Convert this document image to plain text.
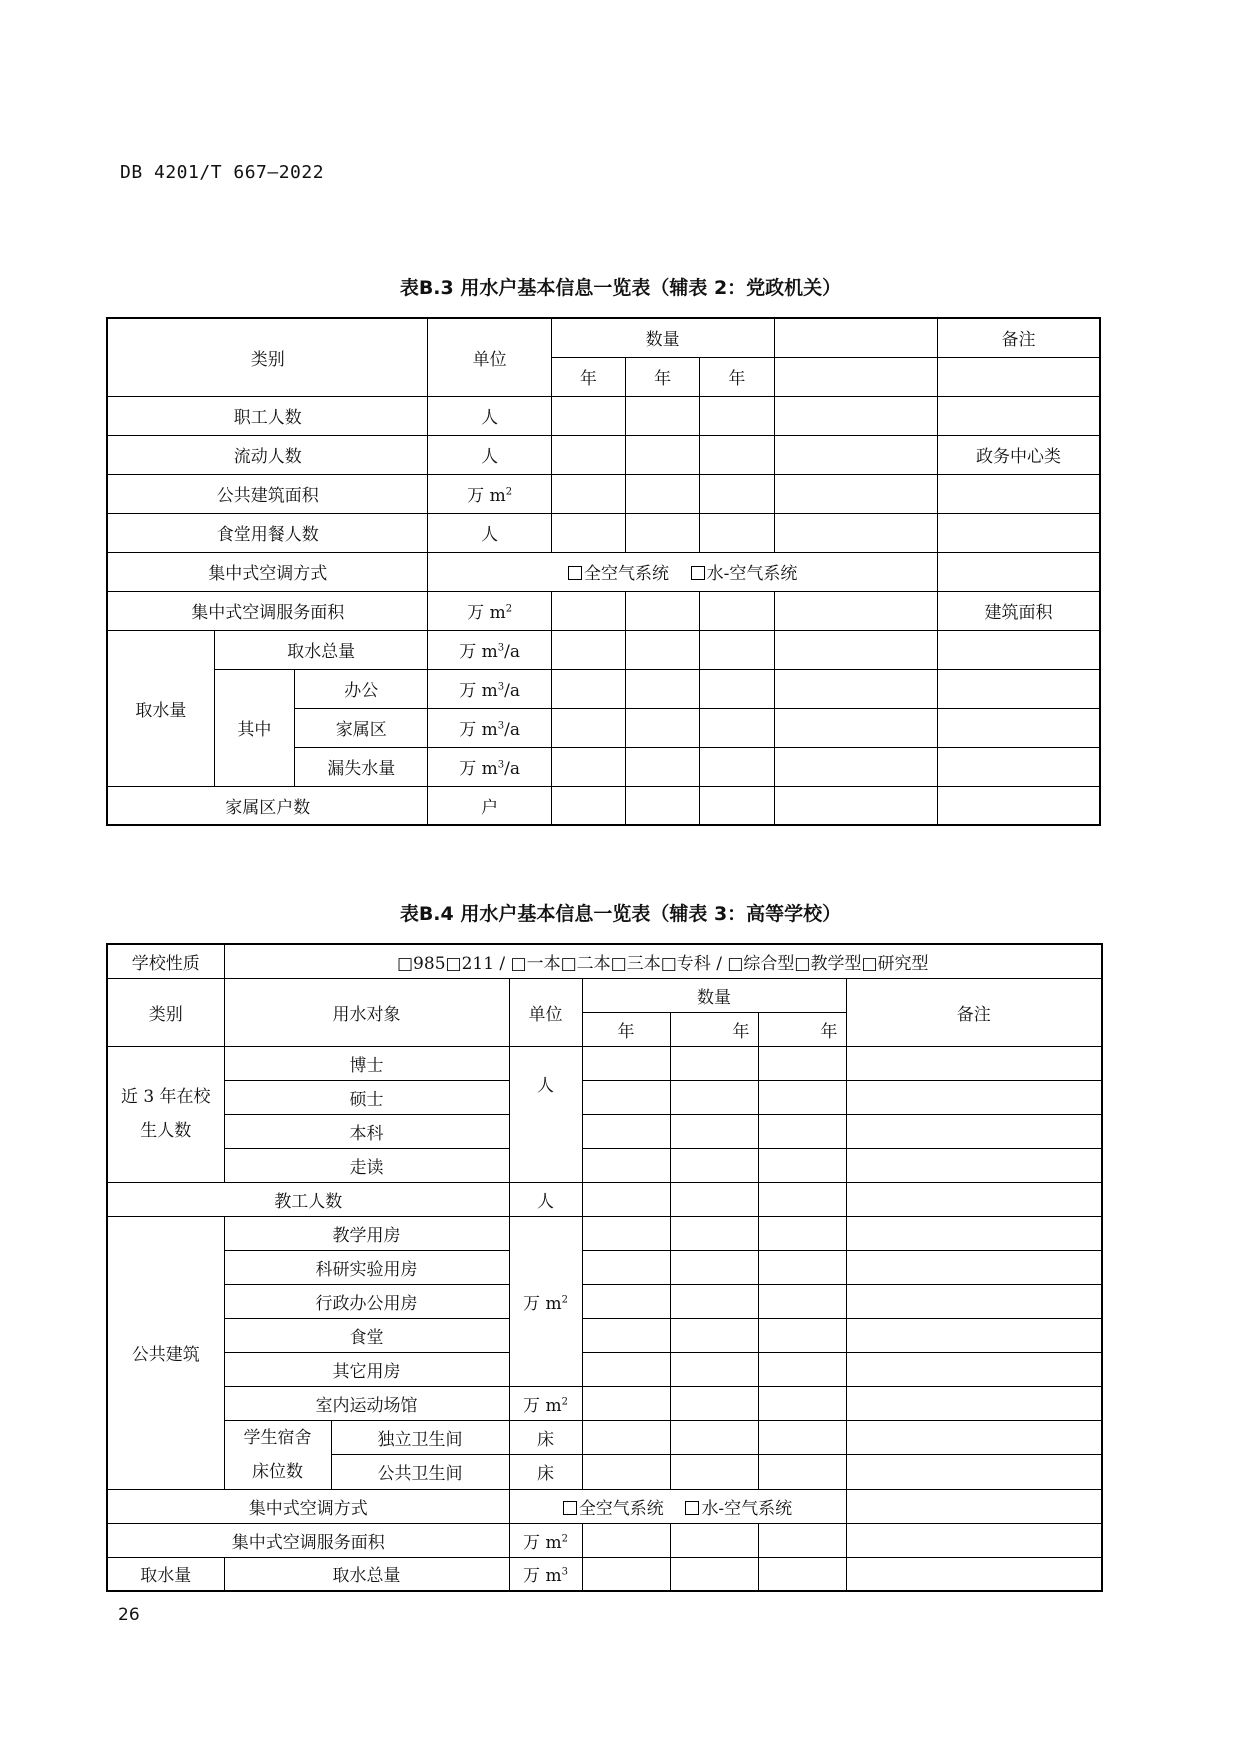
DB 4201/T 667—2022
表B.3 用水户基本信息一览表（辅表 2：党政机关）
类别			单位	数量				备注
				年	年	年		
职工人数			人					
流动人数			人					政务中心类
公共建筑面积			万 $m^2$					
食堂用餐人数			人					
集中式空调方式			全空气系统 水-空气系统					
集中式空调服务面积			万 $m^2$					建筑面积
取水量	取水总量		万 $m^3/a$					
	其中	办公	万 $m^3/a$					
		家属区	万 $m^3/a$					
		漏失水量	万 $m^3/a$					
家属区户数			户					
表B.4 用水户基本信息一览表（辅表 3：高等学校）
学校性质	□985□211 / □一本□二本□三本□专科 / □综合型□教学型□研究型						
类别	用水对象		单位	数量			备注
				年	年	年	

近 3 年在校
生人数	博士		人				
	硕士						
	本科						
	走读						
教工人数			人				
公共建筑	教学用房		万 $m^2$				
	科研实验用房						
	行政办公用房						
	食堂						
	其它用房						
	室内运动场馆		万 $m^2$				

	学生宿舍
床位数	独立卫生间	床				
		公共卫生间	床				
集中式空调方式			全空气系统 水-空气系统				
集中式空调服务面积			万 $m^2$				
取水量	取水总量		万 $m^3$				
26
